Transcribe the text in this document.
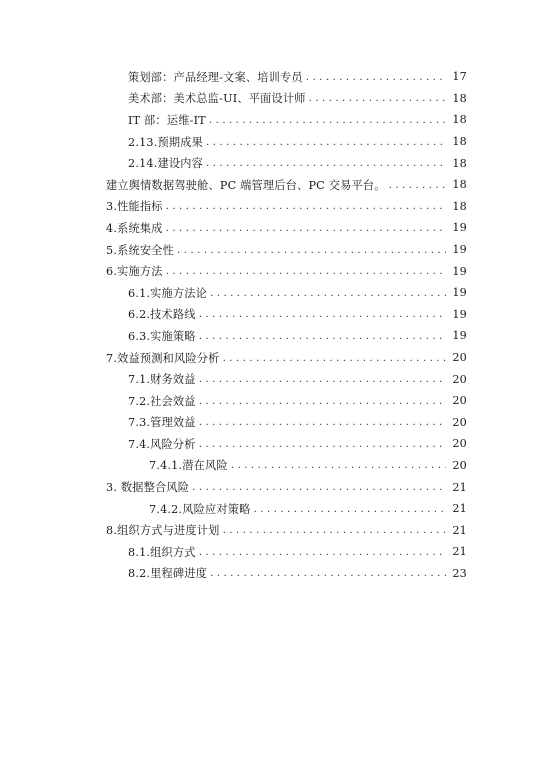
策划部：产品经理-文案、培训专员 . . .	17
美术部：美术总监-UI、平面设计师 . . .	18
IT 部：运维-IT . . .	18
2.13.预期成果 . . .	18
2.14.建设内容 . . .	18
建立舆情数据驾驶舱、PC 端管理后台、PC 交易平台。 . . .	18
3.性能指标 . . .	18
4.系统集成 . . .	19
5.系统安全性 . . .	19
6.实施方法 . . .	19
6.1.实施方法论 . . .	19
6.2.技术路线 . . .	19
6.3.实施策略 . . .	19
7.效益预测和风险分析 . . .	20
7.1.财务效益 . . .	20
7.2.社会效益 . . .	20
7.3.管理效益 . . .	20
7.4.风险分析 . . .	20
7.4.1.潜在风险 . . .	20
3. 数据整合风险 . . .	21
7.4.2.风险应对策略 . . .	21
8.组织方式与进度计划 . . .	21
8.1.组织方式 . . .	21
8.2.里程碑进度 . . .	23
